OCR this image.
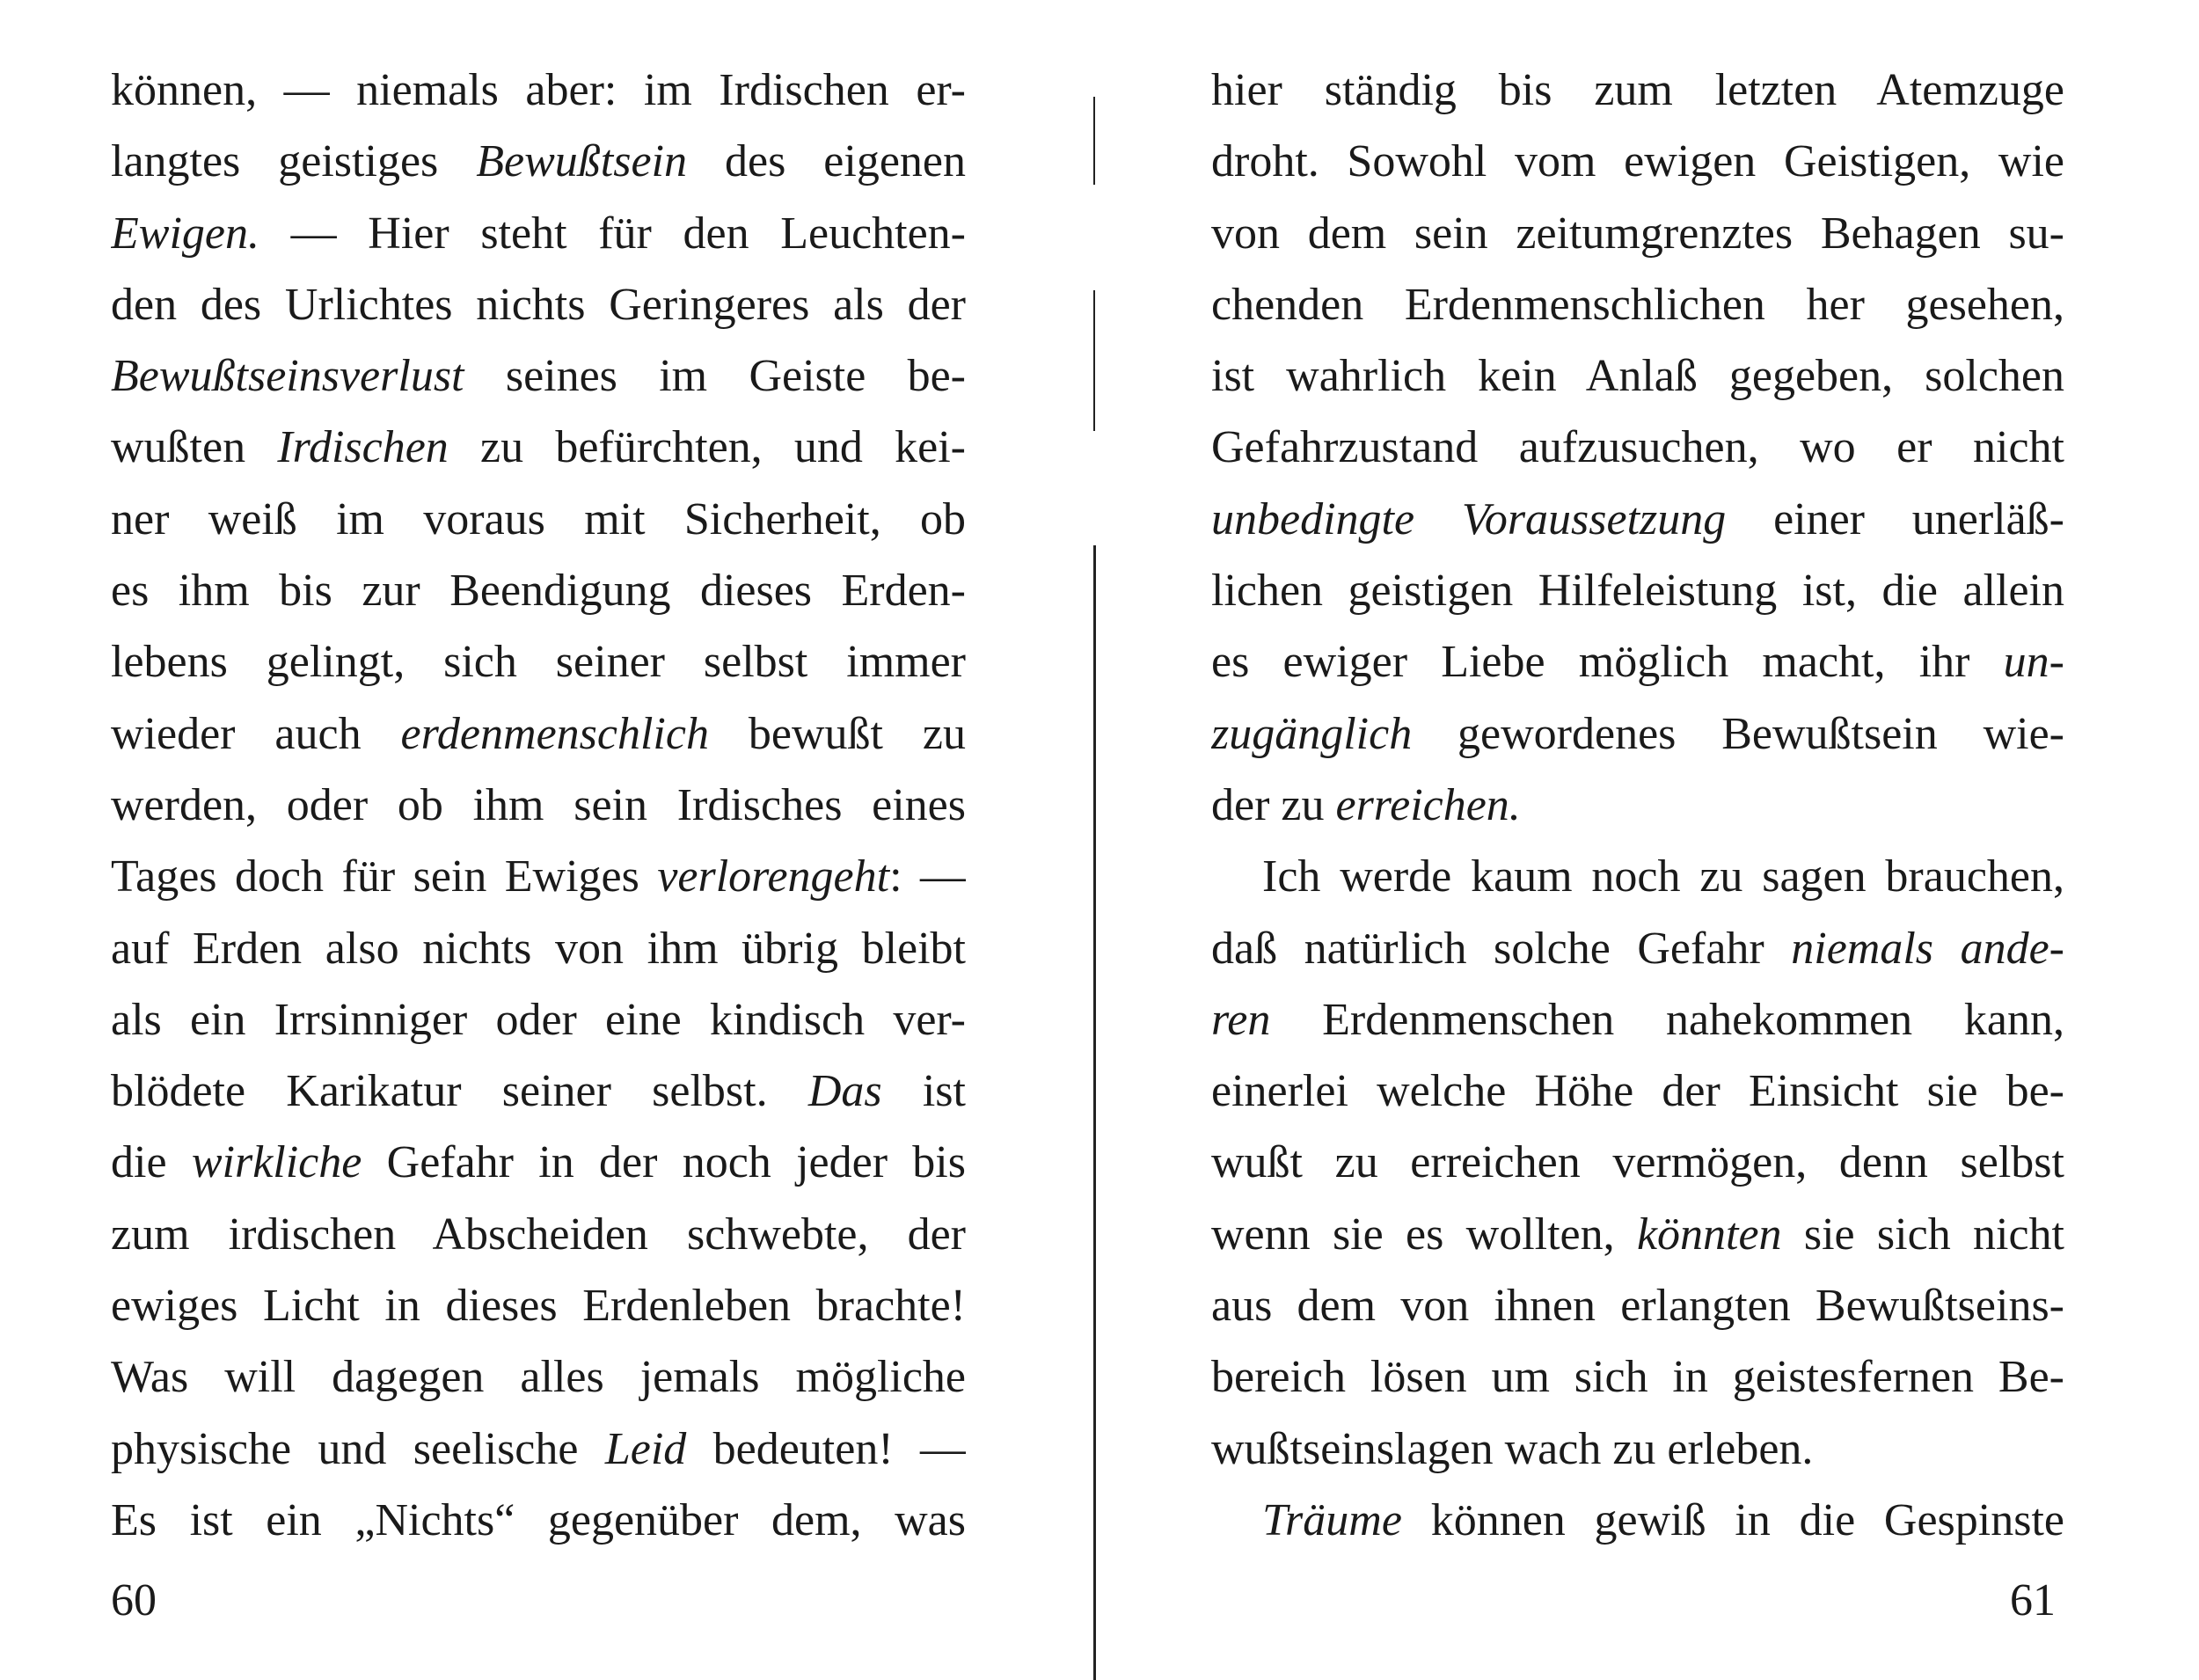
können, — niemals aber: im Irdischen er-
langtes geistiges Bewußtsein des eigenen
Ewigen. — Hier steht für den Leuchten-
den des Urlichtes nichts Geringeres als der
Bewußtseinsverlust seines im Geiste be-
wußten Irdischen zu befürchten, und kei-
ner weiß im voraus mit Sicherheit, ob
es ihm bis zur Beendigung dieses Erden-
lebens gelingt, sich seiner selbst immer
wieder auch erdenmenschlich bewußt zu
werden, oder ob ihm sein Irdisches eines
Tages doch für sein Ewiges verlorengeht: —
auf Erden also nichts von ihm übrig bleibt
als ein Irrsinniger oder eine kindisch ver-
blödete Karikatur seiner selbst. Das ist
die wirkliche Gefahr in der noch jeder bis
zum irdischen Abscheiden schwebte, der
ewiges Licht in dieses Erdenleben brachte!
Was will dagegen alles jemals mögliche
physische und seelische Leid bedeuten! —
Es ist ein „Nichts“ gegenüber dem, was
60
hier ständig bis zum letzten Atemzuge
droht. Sowohl vom ewigen Geistigen, wie
von dem sein zeitumgrenztes Behagen su-
chenden Erdenmenschlichen her gesehen,
ist wahrlich kein Anlaß gegeben, solchen
Gefahrzustand aufzusuchen, wo er nicht
unbedingte Voraussetzung einer unerläß-
lichen geistigen Hilfeleistung ist, die allein
es ewiger Liebe möglich macht, ihr un-
zugänglich gewordenes Bewußtsein wie-
der zu erreichen.
Ich werde kaum noch zu sagen brauchen,
daß natürlich solche Gefahr niemals ande-
ren Erdenmenschen nahekommen kann,
einerlei welche Höhe der Einsicht sie be-
wußt zu erreichen vermögen, denn selbst
wenn sie es wollten, könnten sie sich nicht
aus dem von ihnen erlangten Bewußtseins-
bereich lösen um sich in geistesfernen Be-
wußtseinslagen wach zu erleben.
Träume können gewiß in die Gespinste
61
